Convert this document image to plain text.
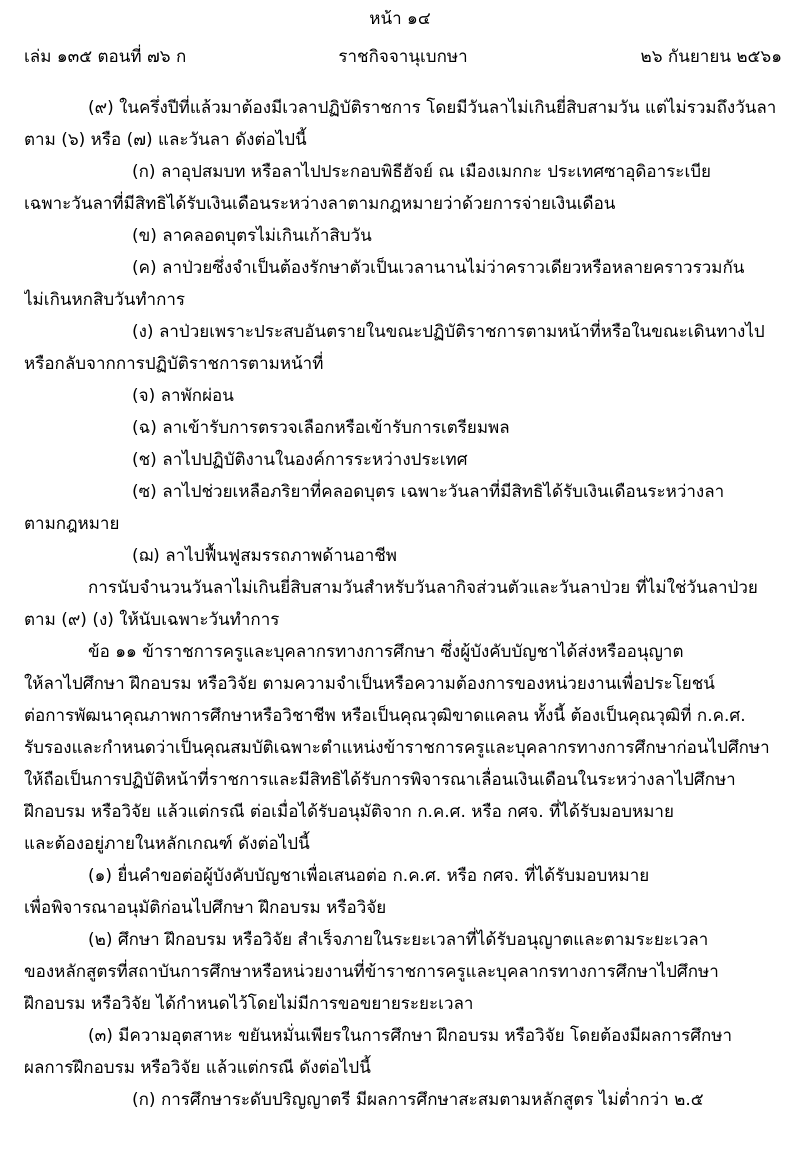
หน้า ๑๔
เล่ม ๑๓๕ ตอนที่ ๗๖ ก	ราชกิจจานุเบกษา	๒๖ กันยายน ๒๕๖๑
(๙) ในครึ่งปีที่แล้วมาต้องมีเวลาปฏิบัติราชการ โดยมีวันลาไม่เกินยี่สิบสามวัน แต่ไม่รวมถึงวันลา
ตาม (๖) หรือ (๗) และวันลา ดังต่อไปนี้
(ก) ลาอุปสมบท หรือลาไปประกอบพิธีฮัจย์ ณ เมืองเมกกะ ประเทศซาอุดิอาระเบีย
เฉพาะวันลาที่มีสิทธิได้รับเงินเดือนระหว่างลาตามกฎหมายว่าด้วยการจ่ายเงินเดือน
(ข) ลาคลอดบุตรไม่เกินเก้าสิบวัน
(ค) ลาป่วยซึ่งจำเป็นต้องรักษาตัวเป็นเวลานานไม่ว่าคราวเดียวหรือหลายคราวรวมกัน
ไม่เกินหกสิบวันทำการ
(ง) ลาป่วยเพราะประสบอันตรายในขณะปฏิบัติราชการตามหน้าที่หรือในขณะเดินทางไป
หรือกลับจากการปฏิบัติราชการตามหน้าที่
(จ) ลาพักผ่อน
(ฉ) ลาเข้ารับการตรวจเลือกหรือเข้ารับการเตรียมพล
(ช) ลาไปปฏิบัติงานในองค์การระหว่างประเทศ
(ซ) ลาไปช่วยเหลือภริยาที่คลอดบุตร เฉพาะวันลาที่มีสิทธิได้รับเงินเดือนระหว่างลา
ตามกฎหมาย
(ฌ) ลาไปฟื้นฟูสมรรถภาพด้านอาชีพ
การนับจำนวนวันลาไม่เกินยี่สิบสามวันสำหรับวันลากิจส่วนตัวและวันลาป่วย ที่ไม่ใช่วันลาป่วย
ตาม (๙) (ง) ให้นับเฉพาะวันทำการ
ข้อ ๑๑ ข้าราชการครูและบุคลากรทางการศึกษา ซึ่งผู้บังคับบัญชาได้ส่งหรืออนุญาต
ให้ลาไปศึกษา ฝึกอบรม หรือวิจัย ตามความจำเป็นหรือความต้องการของหน่วยงานเพื่อประโยชน์
ต่อการพัฒนาคุณภาพการศึกษาหรือวิชาชีพ หรือเป็นคุณวุฒิขาดแคลน ทั้งนี้ ต้องเป็นคุณวุฒิที่ ก.ค.ศ.
รับรองและกำหนดว่าเป็นคุณสมบัติเฉพาะตำแหน่งข้าราชการครูและบุคลากรทางการศึกษาก่อนไปศึกษา
ให้ถือเป็นการปฏิบัติหน้าที่ราชการและมีสิทธิได้รับการพิจารณาเลื่อนเงินเดือนในระหว่างลาไปศึกษา
ฝึกอบรม หรือวิจัย แล้วแต่กรณี ต่อเมื่อได้รับอนุมัติจาก ก.ค.ศ. หรือ กศจ. ที่ได้รับมอบหมาย
และต้องอยู่ภายในหลักเกณฑ์ ดังต่อไปนี้
(๑) ยื่นคำขอต่อผู้บังคับบัญชาเพื่อเสนอต่อ ก.ค.ศ. หรือ กศจ. ที่ได้รับมอบหมาย
เพื่อพิจารณาอนุมัติก่อนไปศึกษา ฝึกอบรม หรือวิจัย
(๒) ศึกษา ฝึกอบรม หรือวิจัย สำเร็จภายในระยะเวลาที่ได้รับอนุญาตและตามระยะเวลา
ของหลักสูตรที่สถาบันการศึกษาหรือหน่วยงานที่ข้าราชการครูและบุคลากรทางการศึกษาไปศึกษา
ฝึกอบรม หรือวิจัย ได้กำหนดไว้โดยไม่มีการขอขยายระยะเวลา
(๓) มีความอุตสาหะ ขยันหมั่นเพียรในการศึกษา ฝึกอบรม หรือวิจัย โดยต้องมีผลการศึกษา
ผลการฝึกอบรม หรือวิจัย แล้วแต่กรณี ดังต่อไปนี้
(ก) การศึกษาระดับปริญญาตรี มีผลการศึกษาสะสมตามหลักสูตร ไม่ต่ำกว่า ๒.๕
